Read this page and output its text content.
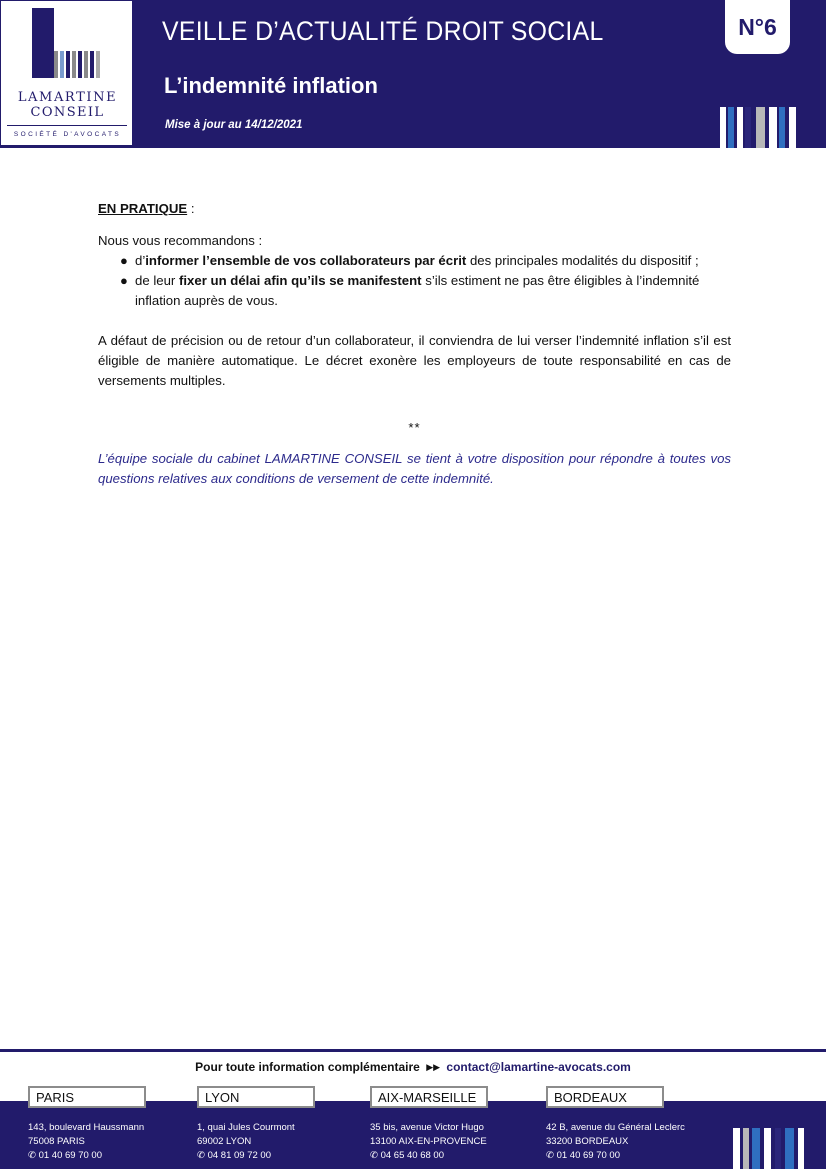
LAMARTINE
CONSEIL
SOCIÉTÉ D'AVOCATS
VEILLE D’ACTUALITÉ DROIT SOCIAL
L’indemnité inflation
Mise à jour au 14/12/2021
N°6
EN PRATIQUE :
Nous vous recommandons :
● d’informer l’ensemble de vos collaborateurs par écrit des principales modalités du dispositif ;
● de leur fixer un délai afin qu’ils se manifestent s’ils estiment ne pas être éligibles à l’indemnité inflation auprès de vous.
A défaut de précision ou de retour d’un collaborateur, il conviendra de lui verser l’indemnité inflation s’il est éligible de manière automatique. Le décret exonère les employeurs de toute responsabilité en cas de versements multiples.
**
L’équipe sociale du cabinet LAMARTINE CONSEIL se tient à votre disposition pour répondre à toutes vos questions relatives aux conditions de versement de cette indemnité.
Pour toute information complémentaire ▶▶ contact@lamartine-avocats.com
PARIS
143, boulevard Haussmann
75008 PARIS
✆ 01 40 69 70 00
LYON
1, quai Jules Courmont
69002 LYON
✆ 04 81 09 72 00
AIX-MARSEILLE
35 bis, avenue Victor Hugo
13100 AIX-EN-PROVENCE
✆ 04 65 40 68 00
BORDEAUX
42 B, avenue du Général Leclerc
33200 BORDEAUX
✆ 01 40 69 70 00
